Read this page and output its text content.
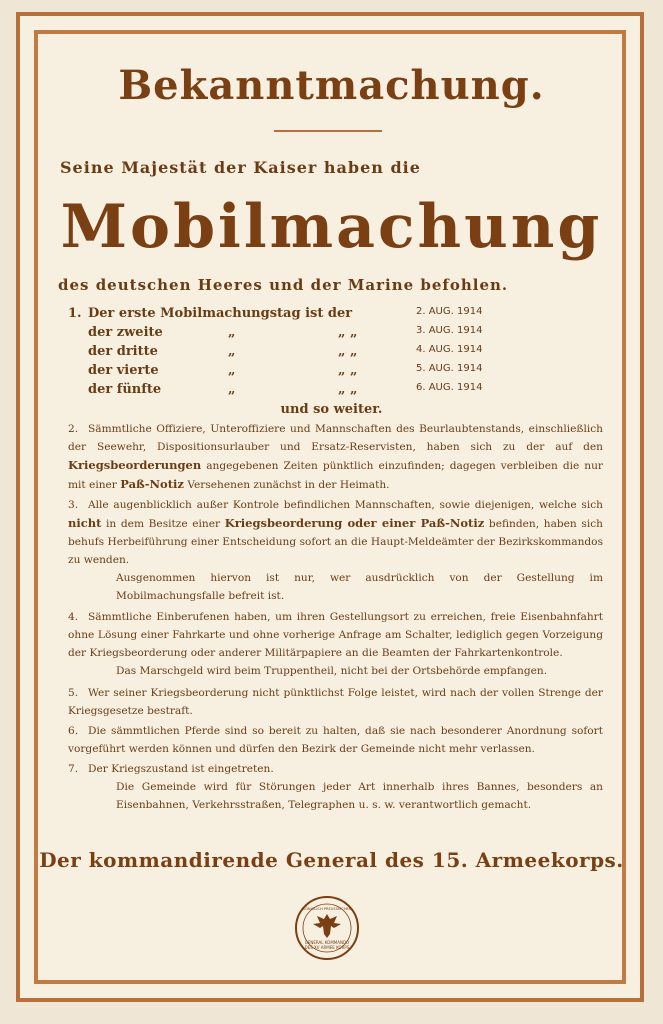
Bekanntmachung.
Seine Majestät der Kaiser haben die
Mobilmachung
des deutschen Heeres und der Marine befohlen.
1. Der erste Mobilmachungstag ist der	2. AUG. 1914
der zweite	„	„ „	3. AUG. 1914
der dritte	„	„ „	4. AUG. 1914
der vierte	„	„ „	5. AUG. 1914
der fünfte	„	„ „	6. AUG. 1914
und so weiter.
2. Sämmtliche Offiziere, Unteroffiziere und Mannschaften des Beurlaubtenstands, einschließlich der Seewehr, Dispositionsurlauber und Ersatz-Reservisten, haben sich zu der auf den Kriegsbeorderungen angegebenen Zeiten pünktlich einzufinden; dagegen verbleiben die nur mit einer Paß-Notiz Versehenen zunächst in der Heimath.
3. Alle augenblicklich außer Kontrole befindlichen Mannschaften, sowie diejenigen, welche sich nicht in dem Besitze einer Kriegsbeorderung oder einer Paß-Notiz befinden, haben sich behufs Herbeiführung einer Entscheidung sofort an die Haupt-Meldeämter der Bezirkskommandos zu wenden.
Ausgenommen hiervon ist nur, wer ausdrücklich von der Gestellung im Mobilmachungsfalle befreit ist.
4. Sämmtliche Einberufenen haben, um ihren Gestellungsort zu erreichen, freie Eisenbahnfahrt ohne Lösung einer Fahrkarte und ohne vorherige Anfrage am Schalter, lediglich gegen Vorzeigung der Kriegsbeorderung oder anderer Militärpapiere an die Beamten der Fahrkartenkontrole.
Das Marschgeld wird beim Truppentheil, nicht bei der Ortsbehörde empfangen.
5. Wer seiner Kriegsbeorderung nicht pünktlichst Folge leistet, wird nach der vollen Strenge der Kriegsgesetze bestraft.
6. Die sämmtlichen Pferde sind so bereit zu halten, daß sie nach besonderer Anordnung sofort vorgeführt werden können und dürfen den Bezirk der Gemeinde nicht mehr verlassen.
7. Der Kriegszustand ist eingetreten.
Die Gemeinde wird für Störungen jeder Art innerhalb ihres Bannes, besonders an Eisenbahnen, Verkehrsstraßen, Telegraphen u. s. w. verantwortlich gemacht.
Der kommandirende General des 15. Armeekorps.
GENERAL KOMMANDO
DES XV ARMEE KORPS
KÖNIGLICH PREUSSISCHES
